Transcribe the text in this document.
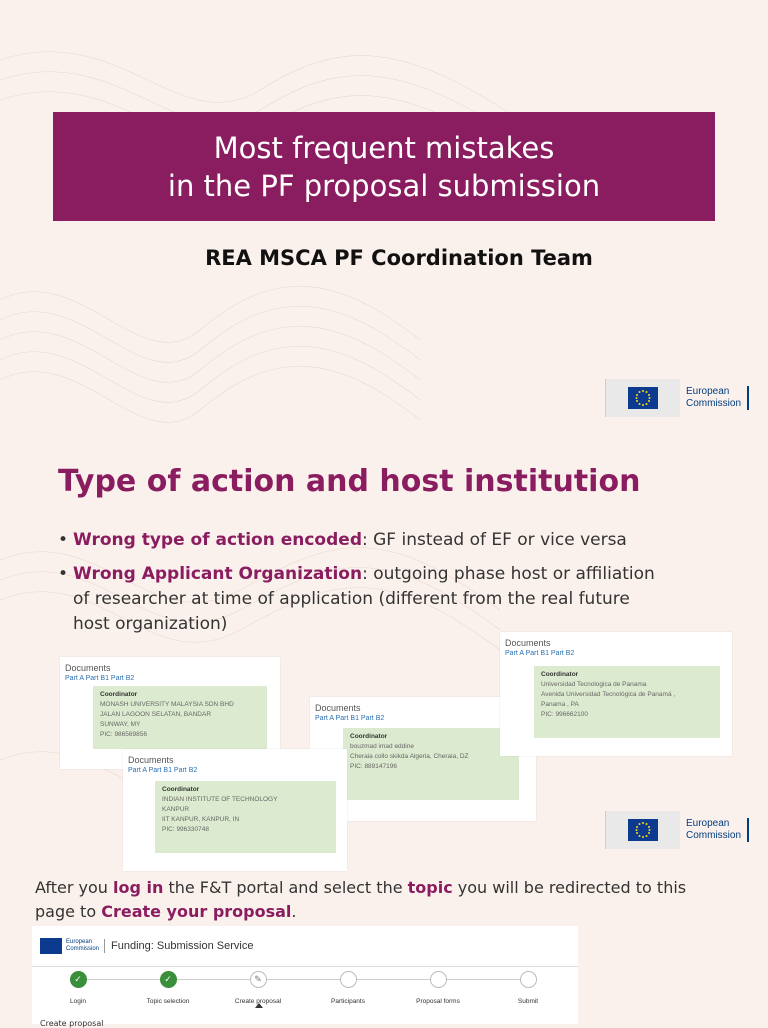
Most frequent mistakes
in the PF proposal submission
REA MSCA PF Coordination Team
European
Commission
Type of action and host institution
• Wrong type of action encoded: GF instead of EF or vice versa
• Wrong Applicant Organization: outgoing phase host or affiliation of researcher at time of application (different from the real future host organization)
Documents
Part A Part B1 Part B2
Coordinator
MONASH UNIVERSITY MALAYSIA SDN BHD
JALAN LAGOON SELATAN, BANDAR
SUNWAY, MY
PIC: 986569856
Documents
Part A Part B1 Part B2
Coordinator
bouzmad imad eddine
Cheraia collo skikda Algeria, Cheraia, DZ
PIC: 889147196
Documents
Part A Part B1 Part B2
Coordinator
Universidad Tecnologica de Panama
Avenida Universidad Tecnológica de Panamá ,
Panama , PA
PIC: 996662100
Documents
Part A Part B1 Part B2
Coordinator
INDIAN INSTITUTE OF TECHNOLOGY
KANPUR
IIT KANPUR, KANPUR, IN
PIC: 996330748
European
Commission
After you log in the F&T portal and select the topic you will be redirected to this page to Create your proposal.
European
Commission Funding: Submission Service
✓
Login
✓
Topic selection
✎
Create proposal	Participants	Proposal forms	Submit
Create proposal
